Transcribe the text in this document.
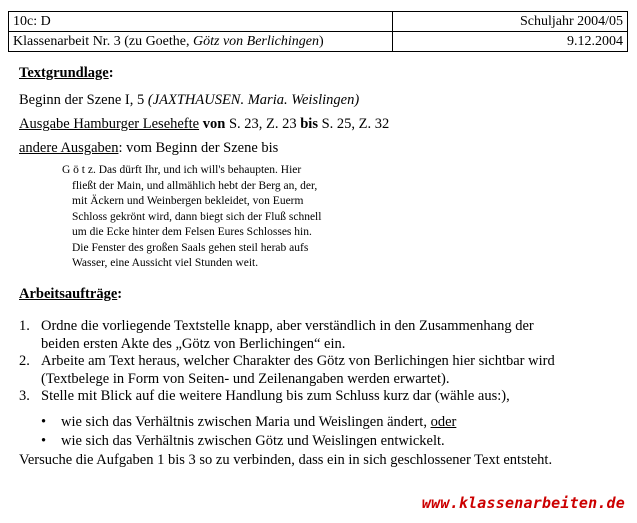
10c: D	Schuljahr 2004/05
Klassenarbeit Nr. 3 (zu Goethe, Götz von Berlichingen)	9.12.2004
Textgrundlage:
Beginn der Szene I, 5 (JAXTHAUSEN. Maria. Weislingen)
Ausgabe Hamburger Lesehefte von S. 23, Z. 23 bis S. 25, Z. 32
andere Ausgaben: vom Beginn der Szene bis
G ö t z. Das dürft Ihr, und ich will's behaupten. Hier
fließt der Main, und allmählich hebt der Berg an, der,
mit Äckern und Weinbergen bekleidet, von Euerm
Schloss gekrönt wird, dann biegt sich der Fluß schnell
um die Ecke hinter dem Felsen Eures Schlosses hin.
Die Fenster des großen Saals gehen steil herab aufs
Wasser, eine Aussicht viel Stunden weit.
Arbeitsaufträge:
1. Ordne die vorliegende Textstelle knapp, aber verständlich in den Zusammenhang der
beiden ersten Akte des „Götz von Berlichingen“ ein.
2. Arbeite am Text heraus, welcher Charakter des Götz von Berlichingen hier sichtbar wird
(Textbelege in Form von Seiten- und Zeilenangaben werden erwartet).
3. Stelle mit Blick auf die weitere Handlung bis zum Schluss kurz dar (wähle aus:),
• wie sich das Verhältnis zwischen Maria und Weislingen ändert, oder
• wie sich das Verhältnis zwischen Götz und Weislingen entwickelt.
Versuche die Aufgaben 1 bis 3 so zu verbinden, dass ein in sich geschlossener Text entsteht.
www.klassenarbeiten.de
